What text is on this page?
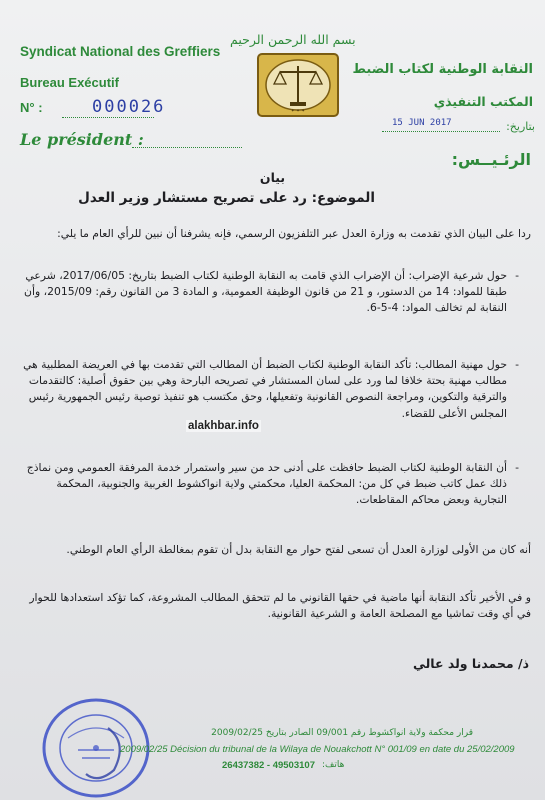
Syndicat National des Greffiers
Bureau Exécutif
N° :	000026
Le président :
بسم الله الرحمن الرحيم
✦ ✦ ✦
النقابة الوطنية لكتاب الضبط
المكتب التنفيذي
بتاريخ:
15 JUN 2017
الرئـيــس:
بيان
الموضوع: رد على تصريح مستشار وزير العدل
ردا على البيان الذي تقدمت به وزارة العدل عبر التلفزيون الرسمي، فإنه يشرفنا أن نبين للرأي العام ما يلي:
-
حول شرعية الإضراب: أن الإضراب الذي قامت به النقابة الوطنية لكتاب الضبط بتاريخ: 2017/06/05، شرعي طبقا للمواد: 14 من الدستور، و 21 من قانون الوظيفة العمومية، و المادة 3 من القانون رقم: 2015/09، وأن النقابة لم تخالف المواد: 4-5-6.
-
حول مهنية المطالب: تأكد النقابة الوطنية لكتاب الضبط أن المطالب التي تقدمت بها في العريضة المطلبية هي مطالب مهنية بحتة خلافا لما ورد على لسان المستشار في تصريحه البارحة وهي بين حقوق أصلية: كالتقدمات والترقية والتكوين، ومراجعة النصوص القانونية وتفعيلها، وحق مكتسب هو تنفيذ توصية رئيس الجمهورية رئيس المجلس الأعلى للقضاء.
-
أن النقابة الوطنية لكتاب الضبط حافظت على أدنى حد من سير واستمرار خدمة المرفقة العمومي ومن نماذج ذلك عمل كاتب ضبط في كل من: المحكمة العليا، محكمتي ولاية انواكشوط الغربية والجنوبية، المحكمة التجارية وبعض محاكم المقاطعات.
أنه كان من الأولى لوزارة العدل أن تسعى لفتح حوار مع النقابة بدل أن تقوم بمغالطة الرأي العام الوطني.
و في الأخير تأكد النقابة أنها ماضية في حقها القانوني ما لم تتحقق المطالب المشروعة، كما تؤكد استعدادها للحوار في أي وقت تماشيا مع المصلحة العامة و الشرعية القانونية.
alakhbar.info
ذ/ محمدنا ولد عالي
قرار محكمة ولاية انواكشوط رقم 09/001 الصادر بتاريخ 2009/02/25
2009/02/25 Décision du tribunal de la Wilaya de Nouakchott N° 001/09 en date du 25/02/2009
26437382 - 49503107 هاتف:
